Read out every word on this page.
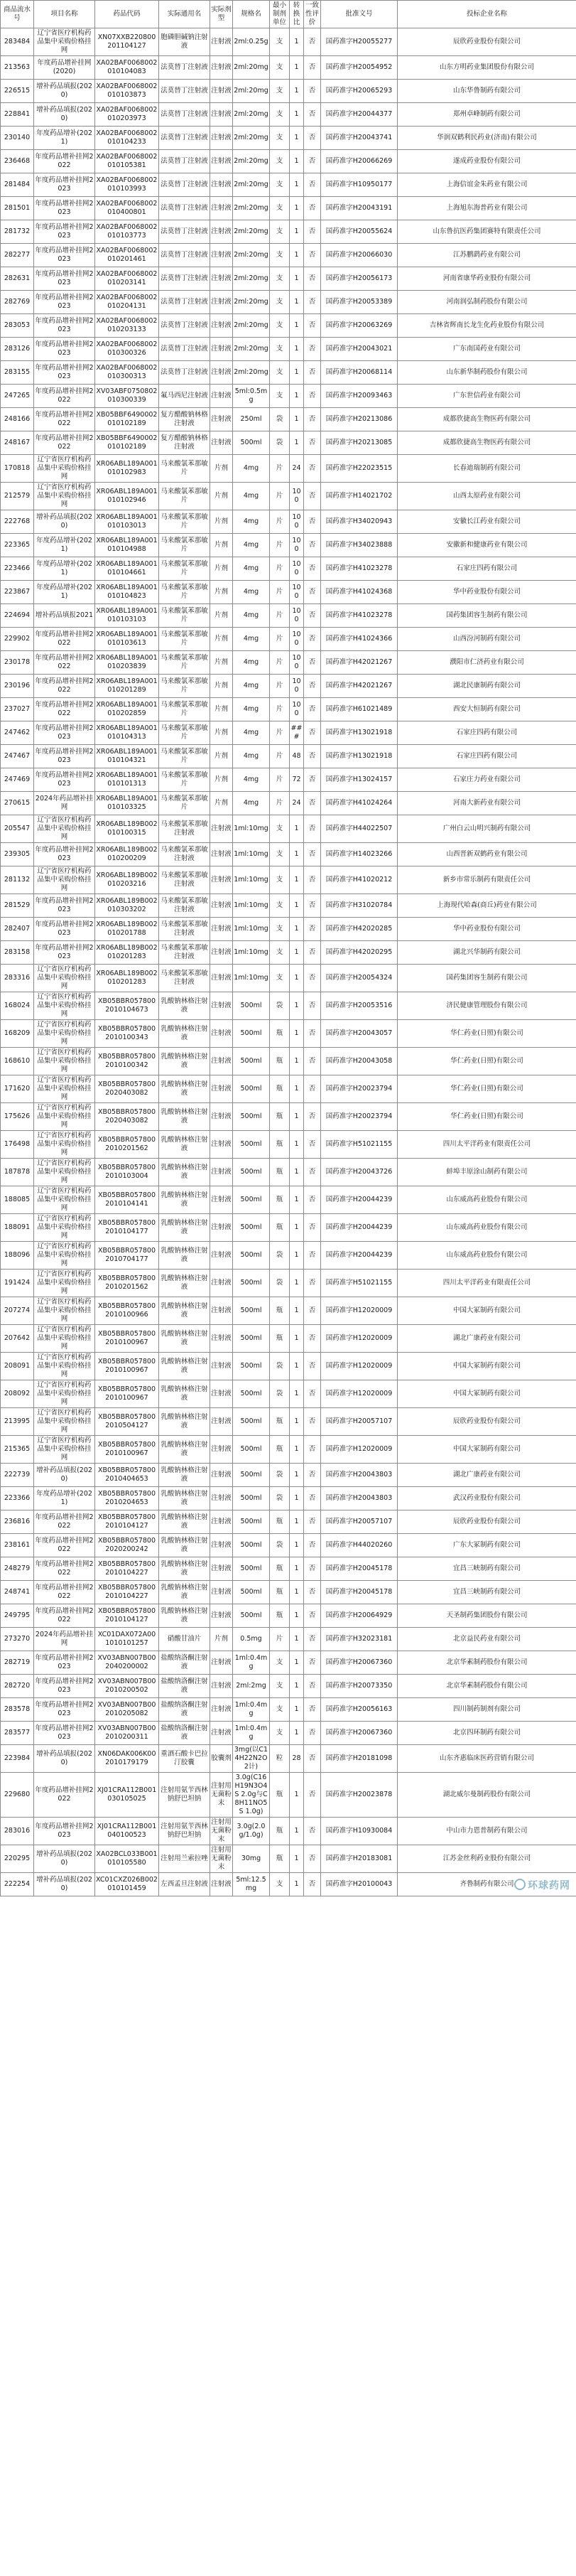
商品流水号	项目名称	药品代码	实际通用名	实际剂型	规格名	最小制剂单位	转换比	一致性评价	批准文号	投标企业名称
283484	辽宁省医疗机构药品集中采购价格挂网	XN07XXB220800201104127	胞磷胆碱钠注射液	注射液	2ml:0.25g	支	1	否	国药准字H20055277	辰欣药业股份有限公司
213563	年度药品增补挂网(2020)	XA02BAF0068002010104083	法莫替丁注射液	注射液	2ml:20mg	支	1	否	国药准字H20054952	山东方明药业集团股份有限公司
226515	增补药品填报(2020)	XA02BAF0068002010103873	法莫替丁注射液	注射液	2ml:20mg	支	1	否	国药准字H20065293	山东华鲁制药有限公司
228841	增补药品填报(2020)	XA02BAF0068002010203973	法莫替丁注射液	注射液	2ml:20mg	支	1	否	国药准字H20044377	郑州卓峰制药有限公司
230140	年度药品增补(2021)	XA02BAF0068002010104233	法莫替丁注射液	注射液	2ml:20mg	支	1	否	国药准字H20043741	华润双鹤利民药业(济南)有限公司
236468	年度药品增补挂网2022	XA02BAF0068002010105381	法莫替丁注射液	注射液	2ml:20mg	支	1	否	国药准字H20066269	遂成药业股份有限公司
281484	年度药品增补挂网2023	XA02BAF0068002010103993	法莫替丁注射液	注射液	2ml:20mg	支	1	否	国药准字H10950177	上海信谊金朱药业有限公司
281501	年度药品增补挂网2023	XA02BAF0068002010400801	法莫替丁注射液	注射液	2ml:20mg	支	1	否	国药准字H20043191	上海旭东海普药业有限公司
281732	年度药品增补挂网2023	XA02BAF0068002010103773	法莫替丁注射液	注射液	2ml:20mg	支	1	否	国药准字H20055624	山东鲁抗医药集团赛特有限责任公司
282277	年度药品增补挂网2023	XA02BAF0068002010201461	法莫替丁注射液	注射液	2ml:20mg	支	1	否	国药准字H20066030	江苏鹏鹞药业有限公司
282631	年度药品增补挂网2023	XA02BAF0068002010203141	法莫替丁注射液	注射液	2ml:20mg	支	1	否	国药准字H20056173	河南省康华药业股份有限公司
282769	年度药品增补挂网2023	XA02BAF0068002010204131	法莫替丁注射液	注射液	2ml:20mg	支	1	否	国药准字H20053389	河南润弘制药股份有限公司
283053	年度药品增补挂网2023	XA02BAF0068002010203133	法莫替丁注射液	注射液	2ml:20mg	支	1	否	国药准字H20063269	吉林省辉南长龙生化药业股份有限公司
283126	年度药品增补挂网2023	XA02BAF0068002010300326	法莫替丁注射液	注射液	2ml:20mg	支	1	否	国药准字H20043021	广东南国药业有限公司
283155	年度药品增补挂网2023	XA02BAF0068002010300313	法莫替丁注射液	注射液	2ml:20mg	支	1	否	国药准字H20068114	山东新华制药股份有限公司
247265	年度药品增补挂网2022	XV03ABF0750802010300339	氟马西尼注射液	注射液	5ml:0.5mg	支	1	否	国药准字H20093463	广东世信药业有限公司
248166	年度药品增补挂网2022	XB05BBF6490002010102189	复方醋酸钠林格注射液	注射液	250ml	袋	1	否	国药准字H20213086	成都欣捷高生物医药有限公司
248167	年度药品增补挂网2022	XB05BBF6490002010102189	复方醋酸钠林格注射液	注射液	500ml	袋	1	否	国药准字H20213085	成都欣捷高生物医药有限公司
170818	辽宁省医疗机构药品集中采购价格挂网	XR06ABL189A001010102983	马来酸氯苯那敏片	片剂	4mg	片	24	否	国药准字H22023515	长春迪瑞制药有限公司
212579	辽宁省医疗机构药品集中采购价格挂网	XR06ABL189A001010102946	马来酸氯苯那敏片	片剂	4mg	片	100	否	国药准字H14021702	山西太原药业有限公司
222768	增补药品填报(2020)	XR06ABL189A001010103013	马来酸氯苯那敏片	片剂	4mg	片	100	否	国药准字H34020943	安徽长江药业有限公司
223365	年度药品增补(2021)	XR06ABL189A001010104988	马来酸氯苯那敏片	片剂	4mg	片	100	否	国药准字H34023888	安徽新和健康药业有限公司
223466	年度药品增补(2021)	XR06ABL189A001010104661	马来酸氯苯那敏片	片剂	4mg	片	100	否	国药准字H41023278	石家庄四药有限公司
223867	年度药品增补(2021)	XR06ABL189A001010104823	马来酸氯苯那敏片	片剂	4mg	片	100	否	国药准字H41024368	华中药业股份有限公司
224694	增补药品填报2021	XR06ABL189A001010103103	马来酸氯苯那敏片	片剂	4mg	片	100	否	国药准字H41023278	国药集团容生制药有限公司
229902	年度药品增补挂网2022	XR06ABL189A001010103613	马来酸氯苯那敏片	片剂	4mg	片	100	否	国药准字H41024366	山西汾河制药有限公司
230178	年度药品增补挂网2022	XR06ABL189A001010203839	马来酸氯苯那敏片	片剂	4mg	片	100	否	国药准字H42021267	濮阳市仁济药业有限公司
230196	年度药品增补挂网2022	XR06ABL189A001010201289	马来酸氯苯那敏片	片剂	4mg	片	100	否	国药准字H42021267	湖北民康制药有限公司
237027	年度药品增补挂网2022	XR06ABL189A001010202859	马来酸氯苯那敏片	片剂	4mg	片	100	否	国药准字H61021489	西安大恒制药有限公司
247462	年度药品增补挂网2023	XR06ABL189A001010104313	马来酸氯苯那敏片	片剂	4mg	片	###	否	国药准字H13021918	石家庄四药有限公司
247467	年度药品增补挂网2023	XR06ABL189A001010104321	马来酸氯苯那敏片	片剂	4mg	片	48	否	国药准字H13021918	石家庄四药有限公司
247469	年度药品增补挂网2023	XR06ABL189A001010101313	马来酸氯苯那敏片	片剂	4mg	片	72	否	国药准字H13024157	石家庄力药业有限公司
270615	2024年药品增补挂网	XR06ABL189A001010103325	马来酸氯苯那敏片	片剂	4mg	片	24	否	国药准字H41024264	河南大新药业有限公司
205547	辽宁省医疗机构药品集中采购价格挂网	XR06ABL189B002010100315	马来酸氯苯那敏注射液	注射液	1ml:10mg	支	1	否	国药准字H44022507	广州白云山明兴制药有限公司
239305	年度药品增补挂网2023	XR06ABL189B002010200209	马来酸氯苯那敏注射液	注射液	1ml:10mg	支	1	否	国药准字H14023266	山西晋新双鹤药业有限公司
281132	辽宁省医疗机构药品集中采购价格挂网	XR06ABL189B002010203216	马来酸氯苯那敏注射液	注射液	1ml:10mg	支	1	否	国药准字H41020212	新乡市常乐制药有限责任公司
281529	年度药品增补挂网2023	XR06ABL189B002010303202	马来酸氯苯那敏注射液	注射液	1ml:10mg	支	1	否	国药准字H31020784	上海现代哈森(商丘)药业有限公司
282407	年度药品增补挂网2023	XR06ABL189B002010201788	马来酸氯苯那敏注射液	注射液	1ml:10mg	支	1	否	国药准字H42020285	华中药业股份有限公司
283158	年度药品增补挂网2023	XR06ABL189B002010201283	马来酸氯苯那敏注射液	注射液	1ml:10mg	支	1	否	国药准字H42020295	湖北兴华制药有限公司
283316	辽宁省医疗机构药品集中采购价格挂网	XR06ABL189B002010201283	马来酸氯苯那敏注射液	注射液	1ml:10mg	支	1	否	国药准字H20054324	国药集团容生制药有限公司
168024	辽宁省医疗机构药品集中采购价格挂网	XB05BBR0578002010104673	乳酸钠林格注射液	注射液	500ml	袋	1	否	国药准字H20053516	济民健康管理股份有限公司
168209	辽宁省医疗机构药品集中采购价格挂网	XB05BBR0578002010100343	乳酸钠林格注射液	注射液	500ml	瓶	1	否	国药准字H20043057	华仁药业(日照)有限公司
168610	辽宁省医疗机构药品集中采购价格挂网	XB05BBR0578002010100342	乳酸钠林格注射液	注射液	500ml	瓶	1	否	国药准字H20043058	华仁药业(日照)有限公司
171620	辽宁省医疗机构药品集中采购价格挂网	XB05BBR0578002020403082	乳酸钠林格注射液	注射液	500ml	瓶	1	否	国药准字H20023794	华仁药业(日照)有限公司
175626	辽宁省医疗机构药品集中采购价格挂网	XB05BBR0578002020403082	乳酸钠林格注射液	注射液	500ml	瓶	1	否	国药准字H20023794	华仁药业(日照)有限公司
176498	辽宁省医疗机构药品集中采购价格挂网	XB05BBR0578002010201562	乳酸钠林格注射液	注射液	500ml	瓶	1	否	国药准字H51021155	四川太平洋药业有限责任公司
187878	辽宁省医疗机构药品集中采购价格挂网	XB05BBR0578002010103004	乳酸钠林格注射液	注射液	500ml	瓶	1	否	国药准字H20043726	蚌埠丰原涂山制药有限公司
188085	辽宁省医疗机构药品集中采购价格挂网	XB05BBR0578002010104141	乳酸钠林格注射液	注射液	500ml	瓶	1	否	国药准字H20044239	山东威高药业股份有限公司
188091	辽宁省医疗机构药品集中采购价格挂网	XB05BBR0578002010104177	乳酸钠林格注射液	注射液	500ml	瓶	1	否	国药准字H20044239	山东威高药业股份有限公司
188096	辽宁省医疗机构药品集中采购价格挂网	XB05BBR0578002010704177	乳酸钠林格注射液	注射液	500ml	袋	1	否	国药准字H20044239	山东威高药业股份有限公司
191424	辽宁省医疗机构药品集中采购价格挂网	XB05BBR0578002010201562	乳酸钠林格注射液	注射液	500ml	袋	1	否	国药准字H51021155	四川太平洋药业有限责任公司
207274	辽宁省医疗机构药品集中采购价格挂网	XB05BBR0578002010100966	乳酸钠林格注射液	注射液	500ml	瓶	1	否	国药准字H12020009	中国大冢制药有限公司
207642	辽宁省医疗机构药品集中采购价格挂网	XB05BBR0578002010100967	乳酸钠林格注射液	注射液	500ml	瓶	1	否	国药准字H12020009	湖北广康药业有限公司
208091	辽宁省医疗机构药品集中采购价格挂网	XB05BBR0578002010100967	乳酸钠林格注射液	注射液	500ml	袋	1	否	国药准字H12020009	中国大冢制药有限公司
208092	辽宁省医疗机构药品集中采购价格挂网	XB05BBR0578002010100967	乳酸钠林格注射液	注射液	500ml	袋	1	否	国药准字H12020009	中国大冢制药有限公司
213995	辽宁省医疗机构药品集中采购价格挂网	XB05BBR0578002010504127	乳酸钠林格注射液	注射液	500ml	瓶	1	否	国药准字H20057107	辰欣药业股份有限公司
215365	辽宁省医疗机构药品集中采购价格挂网	XB05BBR0578002010100967	乳酸钠林格注射液	注射液	500ml	瓶	1	否	国药准字H12020009	中国大冢制药有限公司
222739	增补药品填报(2020)	XB05BBR0578002010404653	乳酸钠林格注射液	注射液	500ml	袋	1	否	国药准字H20043803	湖北广康药业有限公司
223366	年度药品增补(2021)	XB05BBR0578002010204653	乳酸钠林格注射液	注射液	500ml	袋	1	否	国药准字H20043803	武汉药业股份有限公司
236816	年度药品增补挂网2022	XB05BBR0578002010104127	乳酸钠林格注射液	注射液	500ml	瓶	1	否	国药准字H20057107	辰欣药业股份有限公司
238161	年度药品增补挂网2022	XB05BBR0578002020200242	乳酸钠林格注射液	注射液	500ml	袋	1	否	国药准字H44020260	广东大冢制药有限公司
248279	年度药品增补挂网2022	XB05BBR0578002010104227	乳酸钠林格注射液	注射液	500ml	瓶	1	否	国药准字H20045178	宜昌三峡制药有限公司
248741	年度药品增补挂网2022	XB05BBR0578002010104227	乳酸钠林格注射液	注射液	500ml	瓶	1	否	国药准字H20045178	宜昌三峡制药有限公司
249795	年度药品增补挂网2022	XB05BBR0578002010104127	乳酸钠林格注射液	注射液	500ml	瓶	1	否	国药准字H20064929	天圣制药集团股份有限公司
273270	2024年药品增补挂网	XC01DAX072A001010101257	硝酸甘油片	片剂	0.5mg	片	1	否	国药准字H32023181	北京益民药业有限公司
282719	年度药品增补挂网2023	XV03ABN007B002040200002	盐酸纳洛酮注射液	注射液	1ml:0.4mg	支	1	否	国药准字H20067360	北京华素制药股份有限公司
282720	年度药品增补挂网2023	XV03ABN007B002010200502	盐酸纳洛酮注射液	注射液	2ml:2mg	支	1	否	国药准字H20073350	北京华素制药股份有限公司
283578	年度药品增补挂网2023	XV03ABN007B002010205082	盐酸纳洛酮注射液	注射液	1ml:0.4mg	支	1	否	国药准字H20056163	四川制药制剂有限公司
283577	年度药品增补挂网2023	XV03ABN007B002010200311	盐酸纳洛酮注射液	注射液	1ml:0.4mg	支	1	否	国药准字H20067360	北京四环制药有限公司
223984	增补药品填报(2020)	XN06DAK006K002010179179	重酒石酸卡巴拉汀胶囊	胶囊剂	3mg(以C14H22N2O2计)	粒	28	否	国药准字H20181098	山东齐惠临床医药营销有限公司
229680	年度药品增补挂网2022	XJ01CRA112B001030105025	注射用氨苄西林钠舒巴坦钠	注射用无菌粉末	3.0g(C16H19N3O4S 2.0g与C8H11NO5S 1.0g)	瓶	1	否	国药准字H20023878	湖北威尔曼制药股份有限公司
283016	年度药品增补挂网2023	XJ01CRA112B001040100523	注射用氨苄西林钠舒巴坦钠	注射用无菌粉末	3.0g(2.0g/1.0g)	瓶	1	否	国药准字H10930084	中山市力恩普制药有限公司
220295	增补药品填报(2020)	XA02BCL033B001010105580	注射用兰索拉唑	注射用无菌粉末	30mg	瓶	1	否	国药准字H20183081	江苏金丝利药业股份有限公司
222254	增补药品填报(2020)	XC01CXZ026B002010101459	左西孟旦注射液	注射液	5ml:12.5mg	支	1	否	国药准字H20100043	齐鲁制药有限公司	环球药网
